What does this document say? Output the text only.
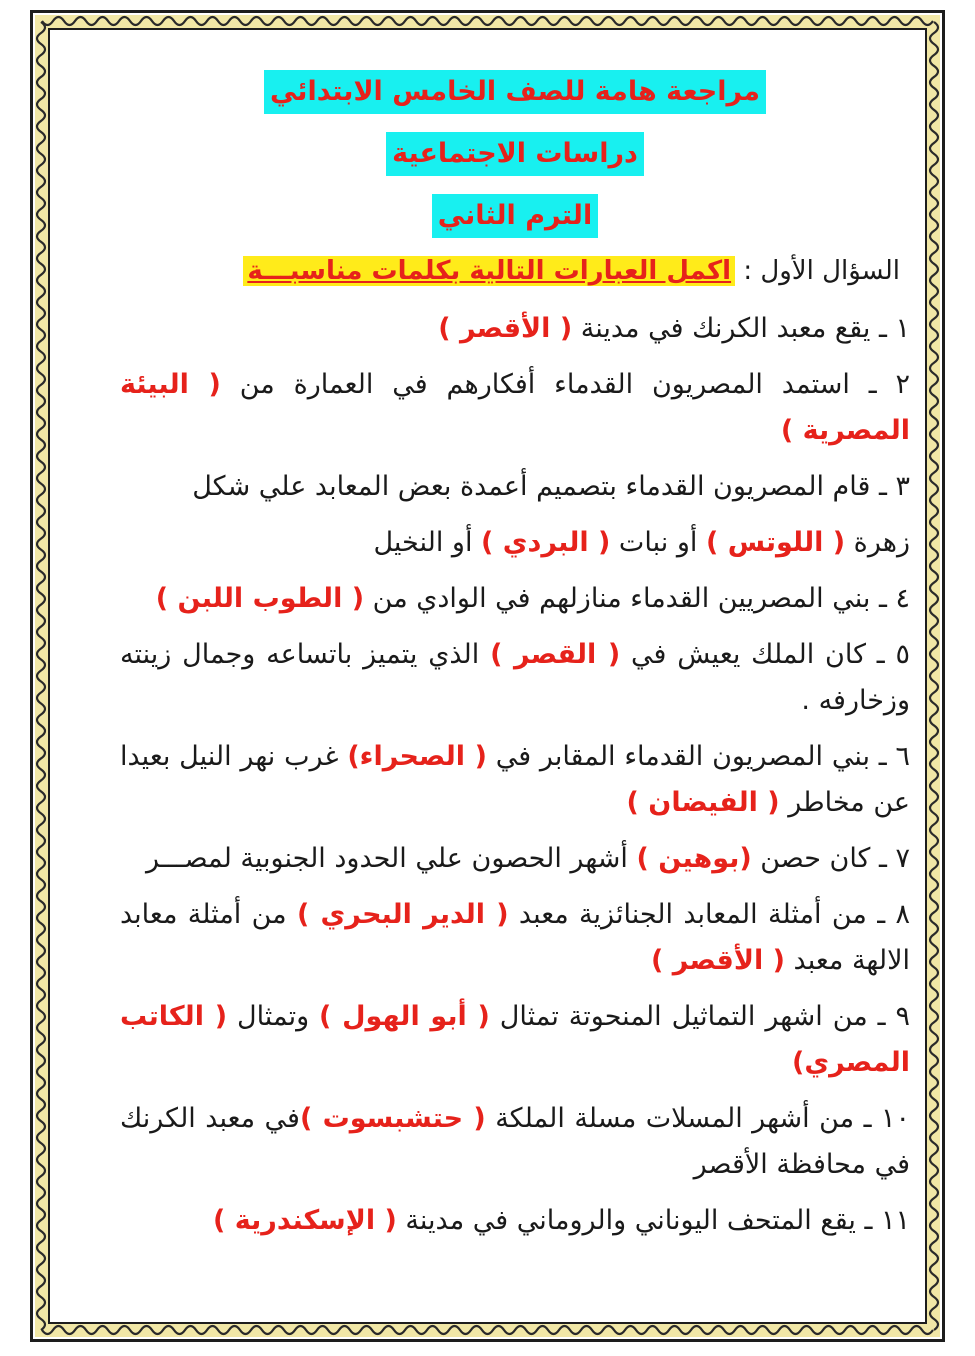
مراجعة هامة للصف الخامس الابتدائي
دراسات الاجتماعية
الترم الثاني
السؤال الأول : اكمل العبارات التالية بكلمات مناسبـــة
١ ـ يقع معبد الكرنك في مدينة ( الأقصر )
٢ ـ استمد المصريون القدماء أفكارهم في العمارة من ( البيئة المصرية )
٣ ـ قام المصريون القدماء بتصميم أعمدة بعض المعابد علي شكل
زهرة ( اللوتس ) أو نبات ( البردي ) أو النخيل
٤ ـ بني المصريين القدماء منازلهم في الوادي من ( الطوب اللبن )
٥ ـ كان الملك يعيش في ( القصر ) الذي يتميز باتساعه وجمال زينته وزخارفه .
٦ ـ بني المصريون القدماء المقابر في ( الصحراء) غرب نهر النيل بعيدا عن مخاطر ( الفيضان )
٧ ـ كان حصن (بوهين ) أشهر الحصون علي الحدود الجنوبية لمصـــر
٨ ـ من أمثلة المعابد الجنائزية معبد ( الدير البحري ) من أمثلة معابد الالهة معبد ( الأقصر )
٩ ـ من اشهر التماثيل المنحوتة تمثال ( أبو الهول ) وتمثال ( الكاتب المصري)
١٠ ـ من أشهر المسلات مسلة الملكة ( حتشبسوت )في معبد الكرنك في محافظة الأقصر
١١ ـ يقع المتحف اليوناني والروماني في مدينة ( الإسكندرية )
